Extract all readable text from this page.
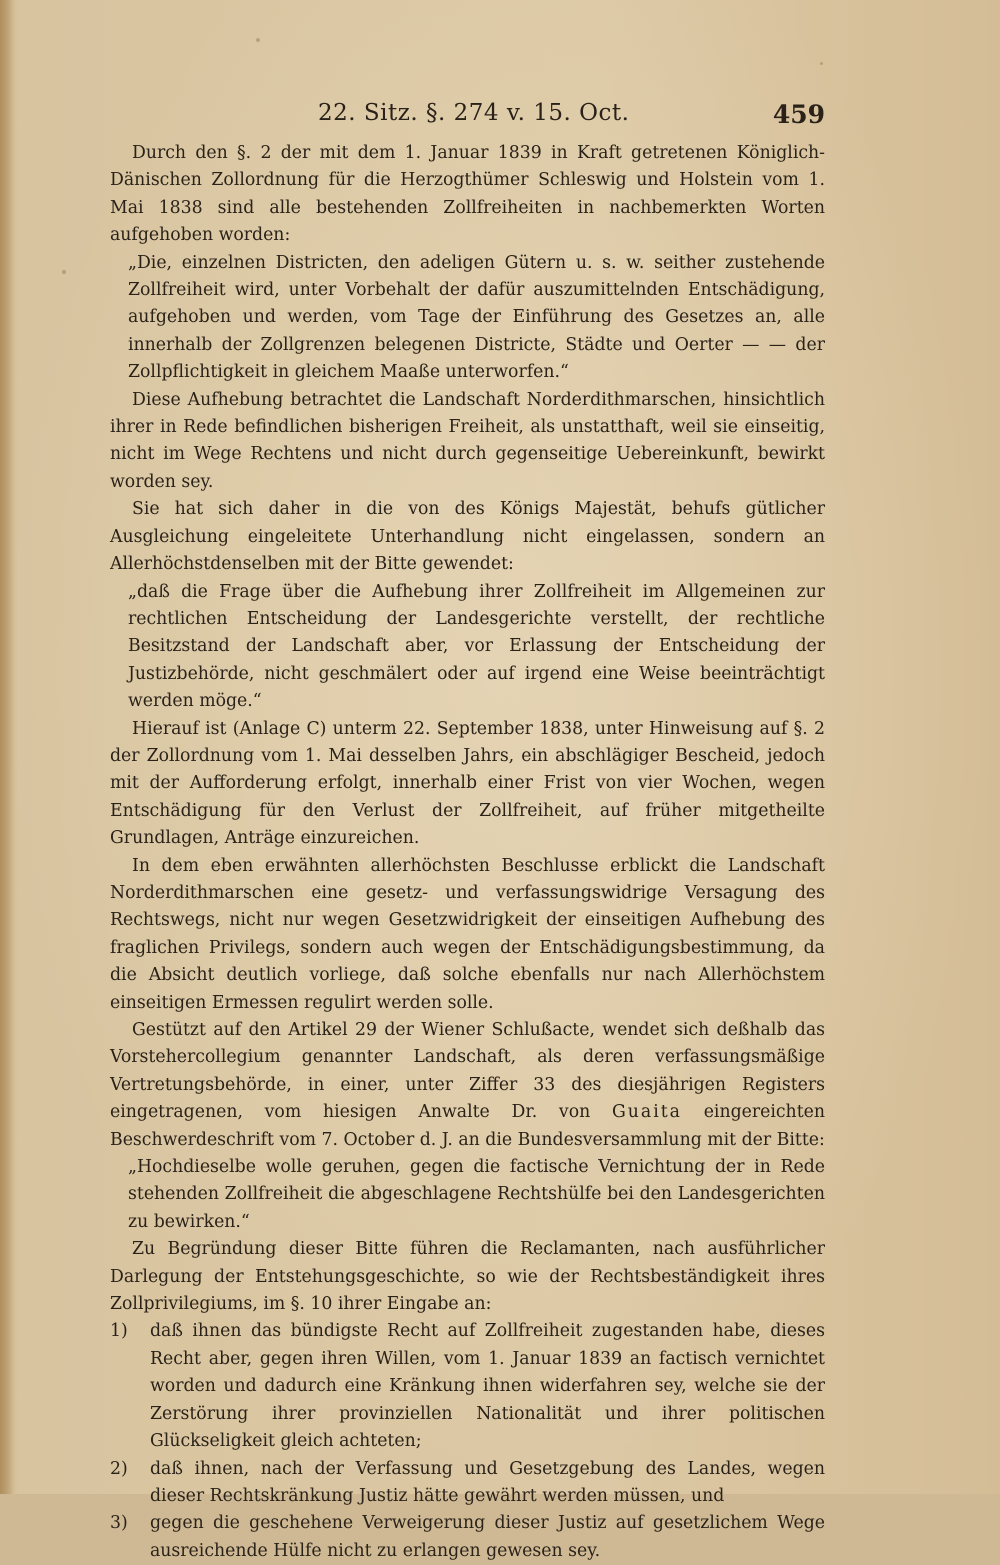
22. Sitz. §. 274 v. 15. Oct.	459

Durch den §. 2 der mit dem 1. Januar 1839 in Kraft getretenen Königlich-Dänischen Zollordnung für die Herzogthümer Schleswig und Holstein vom 1. Mai 1838 sind alle bestehenden Zollfreiheiten in nachbemerkten Worten aufgehoben worden:

„Die, einzelnen Districten, den adeligen Gütern u. s. w. seither zustehende Zollfreiheit wird, unter Vorbehalt der dafür auszumittelnden Entschädigung, aufgehoben und werden, vom Tage der Einführung des Gesetzes an, alle innerhalb der Zollgrenzen belegenen Districte, Städte und Oerter — — der Zollpflichtigkeit in gleichem Maaße unterworfen.“

Diese Aufhebung betrachtet die Landschaft Norderdithmarschen, hinsichtlich ihrer in Rede befindlichen bisherigen Freiheit, als unstatthaft, weil sie einseitig, nicht im Wege Rechtens und nicht durch gegenseitige Uebereinkunft, bewirkt worden sey.

Sie hat sich daher in die von des Königs Majestät, behufs gütlicher Ausgleichung eingeleitete Unterhandlung nicht eingelassen, sondern an Allerhöchstdenselben mit der Bitte gewendet:

„daß die Frage über die Aufhebung ihrer Zollfreiheit im Allgemeinen zur rechtlichen Entscheidung der Landesgerichte verstellt, der rechtliche Besitzstand der Landschaft aber, vor Erlassung der Entscheidung der Justizbehörde, nicht geschmälert oder auf irgend eine Weise beeinträchtigt werden möge.“

Hierauf ist (Anlage C) unterm 22. September 1838, unter Hinweisung auf §. 2 der Zollordnung vom 1. Mai desselben Jahrs, ein abschlägiger Bescheid, jedoch mit der Aufforderung erfolgt, innerhalb einer Frist von vier Wochen, wegen Entschädigung für den Verlust der Zollfreiheit, auf früher mitgetheilte Grundlagen, Anträge einzureichen.

In dem eben erwähnten allerhöchsten Beschlusse erblickt die Landschaft Norderdithmarschen eine gesetz- und verfassungswidrige Versagung des Rechtswegs, nicht nur wegen Gesetzwidrigkeit der einseitigen Aufhebung des fraglichen Privilegs, sondern auch wegen der Entschädigungsbestimmung, da die Absicht deutlich vorliege, daß solche ebenfalls nur nach Allerhöchstem einseitigen Ermessen regulirt werden solle.

Gestützt auf den Artikel 29 der Wiener Schlußacte, wendet sich deßhalb das Vorstehercollegium genannter Landschaft, als deren verfassungsmäßige Vertretungsbehörde, in einer, unter Ziffer 33 des diesjährigen Registers eingetragenen, vom hiesigen Anwalte Dr. von Guaita eingereichten Beschwerdeschrift vom 7. October d. J. an die Bundesversammlung mit der Bitte:

„Hochdieselbe wolle geruhen, gegen die factische Vernichtung der in Rede stehenden Zollfreiheit die abgeschlagene Rechtshülfe bei den Landesgerichten zu bewirken.“

Zu Begründung dieser Bitte führen die Reclamanten, nach ausführlicher Darlegung der Entstehungsgeschichte, so wie der Rechtsbeständigkeit ihres Zollprivilegiums, im §. 10 ihrer Eingabe an:

1)	daß ihnen das bündigste Recht auf Zollfreiheit zugestanden habe, dieses Recht aber, gegen ihren Willen, vom 1. Januar 1839 an factisch vernichtet worden und dadurch eine Kränkung ihnen widerfahren sey, welche sie der Zerstörung ihrer provinziellen Nationalität und ihrer politischen Glückseligkeit gleich achteten;
2)	daß ihnen, nach der Verfassung und Gesetzgebung des Landes, wegen dieser Rechtskränkung Justiz hätte gewährt werden müssen, und
3)	gegen die geschehene Verweigerung dieser Justiz auf gesetzlichem Wege ausreichende Hülfe nicht zu erlangen gewesen sey.
